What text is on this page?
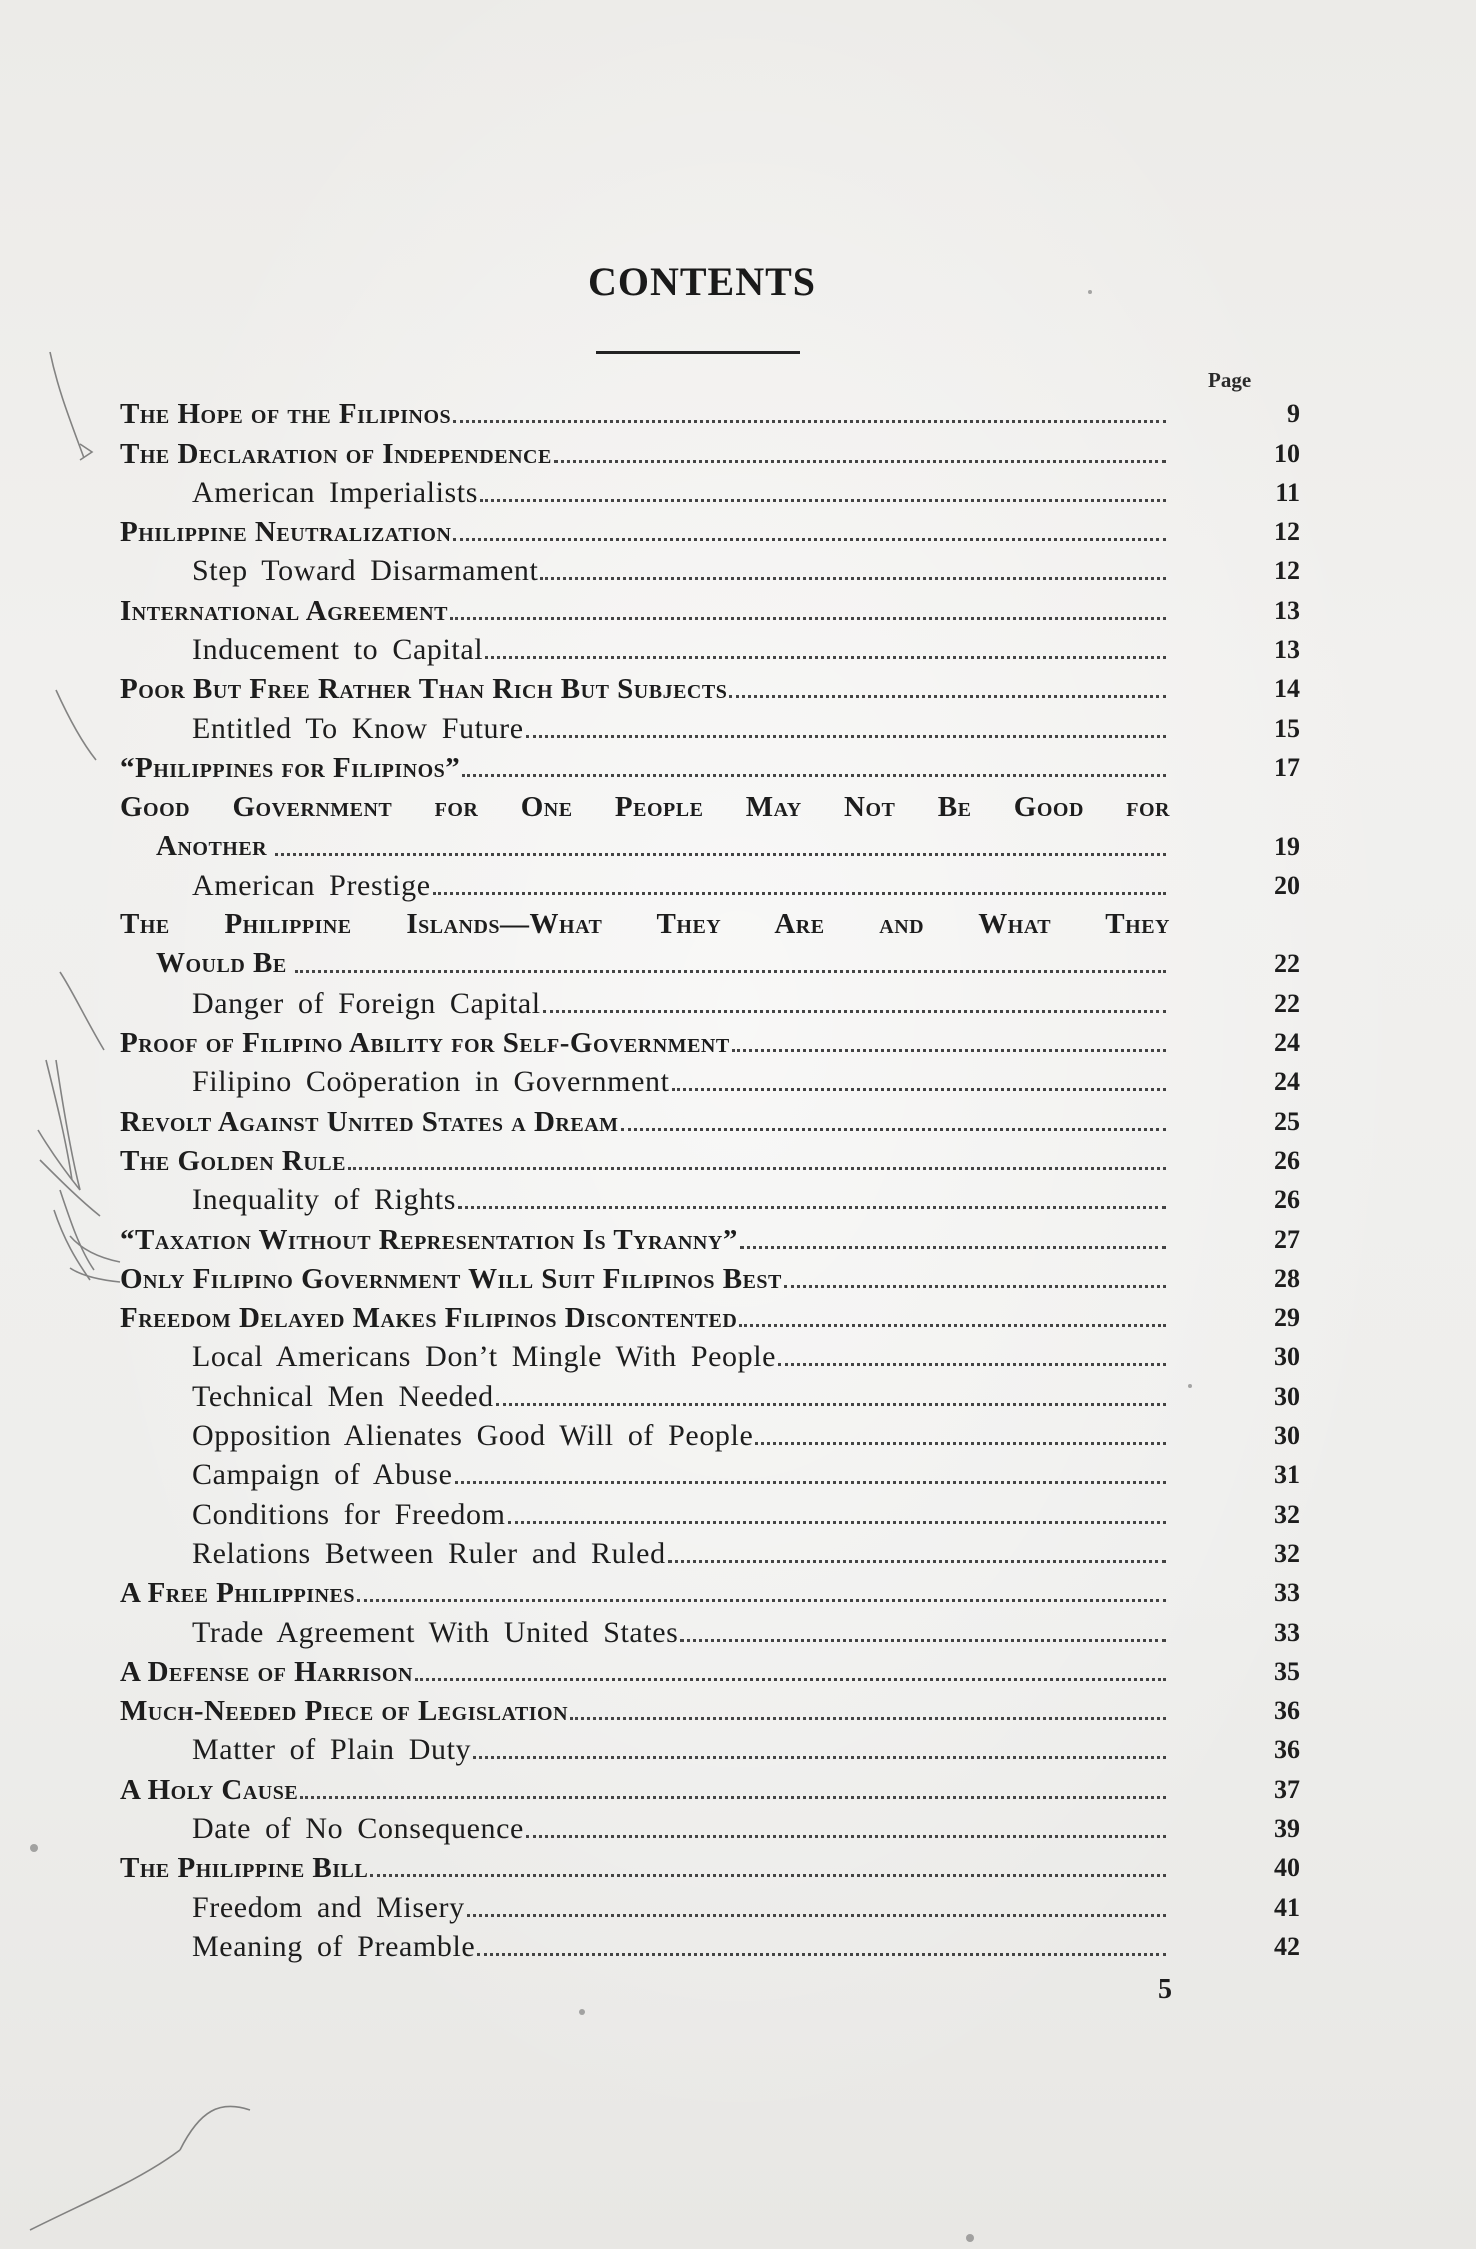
CONTENTS
Page
The Hope of the Filipinos	9
The Declaration of Independence	10
American Imperialists	11
Philippine Neutralization	12
Step Toward Disarmament	12
International Agreement	13
Inducement to Capital	13
Poor But Free Rather Than Rich But Subjects	14
Entitled To Know Future	15
“Philippines for Filipinos”	17
Good Government for One People May Not Be Good for
Another	19
American Prestige	20
The Philippine Islands—What They Are and What They
Would Be	22
Danger of Foreign Capital	22
Proof of Filipino Ability for Self-Government	24
Filipino Coöperation in Government	24
Revolt Against United States a Dream	25
The Golden Rule	26
Inequality of Rights	26
“Taxation Without Representation Is Tyranny”	27
Only Filipino Government Will Suit Filipinos Best	28
Freedom Delayed Makes Filipinos Discontented	29
Local Americans Don’t Mingle With People	30
Technical Men Needed	30
Opposition Alienates Good Will of People	30
Campaign of Abuse	31
Conditions for Freedom	32
Relations Between Ruler and Ruled	32
A Free Philippines	33
Trade Agreement With United States	33
A Defense of Harrison	35
Much-Needed Piece of Legislation	36
Matter of Plain Duty	36
A Holy Cause	37
Date of No Consequence	39
The Philippine Bill	40
Freedom and Misery	41
Meaning of Preamble	42
5
